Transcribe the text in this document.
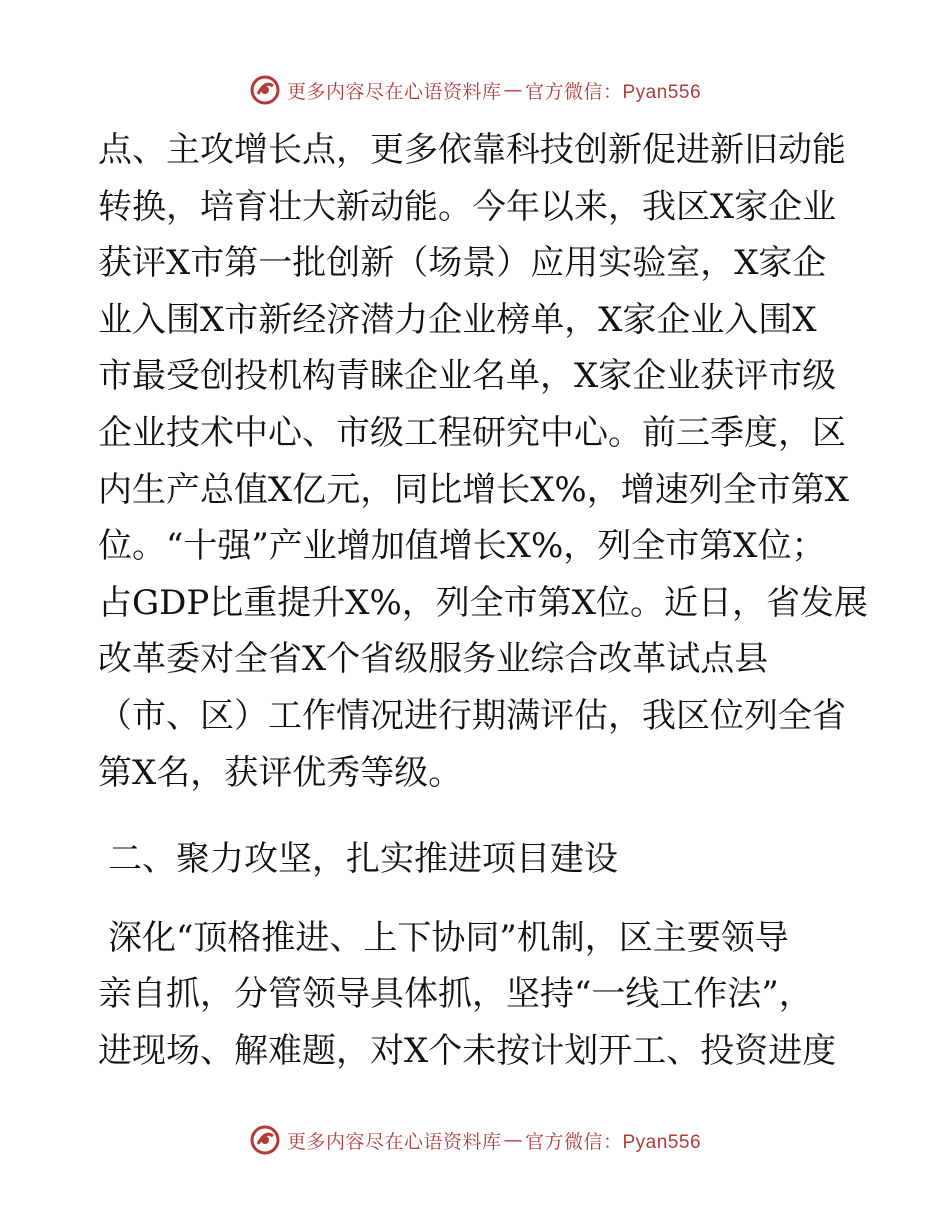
更多内容尽在心语资料库 — 官方微信：Pyan556

点、主攻增长点，更多依靠科技创新促进新旧动能
转换，培育壮大新动能。今年以来，我区X家企业
获评X市第一批创新（场景）应用实验室，X家企
业入围X市新经济潜力企业榜单，X家企业入围X
市最受创投机构青睐企业名单，X家企业获评市级
企业技术中心、市级工程研究中心。前三季度，区
内生产总值X亿元，同比增长X%，增速列全市第X
位。“十强”产业增加值增长X%，列全市第X位；
占GDP比重提升X%，列全市第X位。近日，省发展
改革委对全省X个省级服务业综合改革试点县
（市、区）工作情况进行期满评估，我区位列全省
第X名，获评优秀等级。

二、聚力攻坚，扎实推进项目建设

深化“顶格推进、上下协同”机制，区主要领导
亲自抓，分管领导具体抓，坚持“一线工作法”，
进现场、解难题，对X个未按计划开工、投资进度

更多内容尽在心语资料库 — 官方微信：Pyan556
